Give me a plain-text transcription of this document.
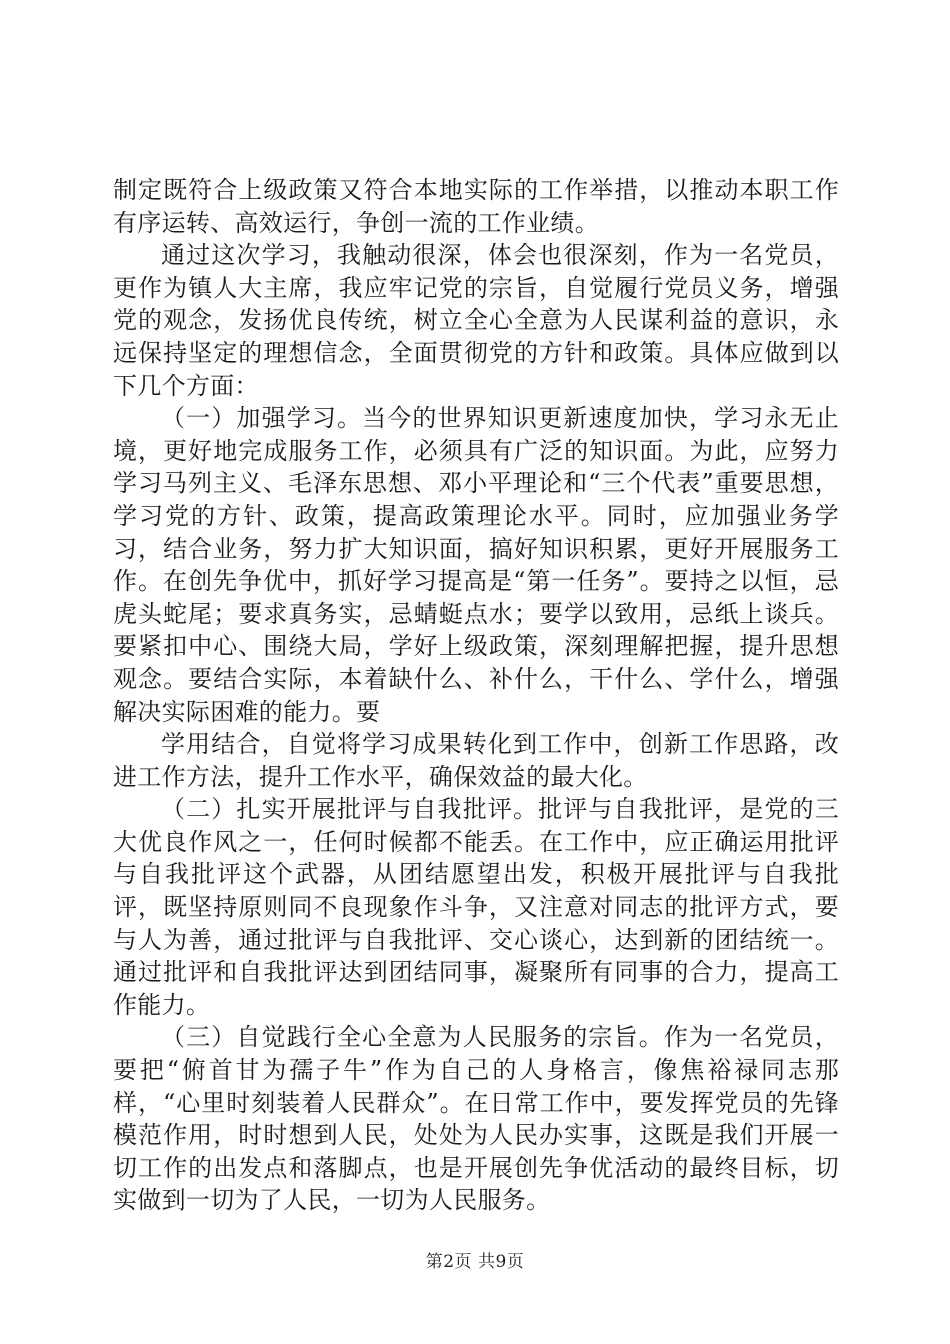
制定既符合上级政策又符合本地实际的工作举措，以推动本职工作有序运转、高效运行，争创一流的工作业绩。

通过这次学习，我触动很深，体会也很深刻，作为一名党员，更作为镇人大主席，我应牢记党的宗旨，自觉履行党员义务，增强党的观念，发扬优良传统，树立全心全意为人民谋利益的意识，永远保持坚定的理想信念，全面贯彻党的方针和政策。具体应做到以下几个方面：

（一）加强学习。当今的世界知识更新速度加快，学习永无止境，更好地完成服务工作，必须具有广泛的知识面。为此，应努力学习马列主义、毛泽东思想、邓小平理论和“三个代表”重要思想，学习党的方针、政策，提高政策理论水平。同时，应加强业务学习，结合业务，努力扩大知识面，搞好知识积累，更好开展服务工作。在创先争优中，抓好学习提高是“第一任务”。要持之以恒，忌虎头蛇尾；要求真务实，忌蜻蜓点水；要学以致用，忌纸上谈兵。要紧扣中心、围绕大局，学好上级政策，深刻理解把握，提升思想观念。要结合实际，本着缺什么、补什么，干什么、学什么，增强解决实际困难的能力。要

学用结合，自觉将学习成果转化到工作中，创新工作思路，改进工作方法，提升工作水平，确保效益的最大化。

（二）扎实开展批评与自我批评。批评与自我批评，是党的三大优良作风之一，任何时候都不能丢。在工作中，应正确运用批评与自我批评这个武器，从团结愿望出发，积极开展批评与自我批评，既坚持原则同不良现象作斗争，又注意对同志的批评方式，要与人为善，通过批评与自我批评、交心谈心，达到新的团结统一。通过批评和自我批评达到团结同事，凝聚所有同事的合力，提高工作能力。

（三）自觉践行全心全意为人民服务的宗旨。作为一名党员，要把“俯首甘为孺子牛”作为自己的人身格言，像焦裕禄同志那样，“心里时刻装着人民群众”。在日常工作中，要发挥党员的先锋模范作用，时时想到人民，处处为人民办实事，这既是我们开展一切工作的出发点和落脚点，也是开展创先争优活动的最终目标，切实做到一切为了人民，一切为人民服务。

第2页 共9页
